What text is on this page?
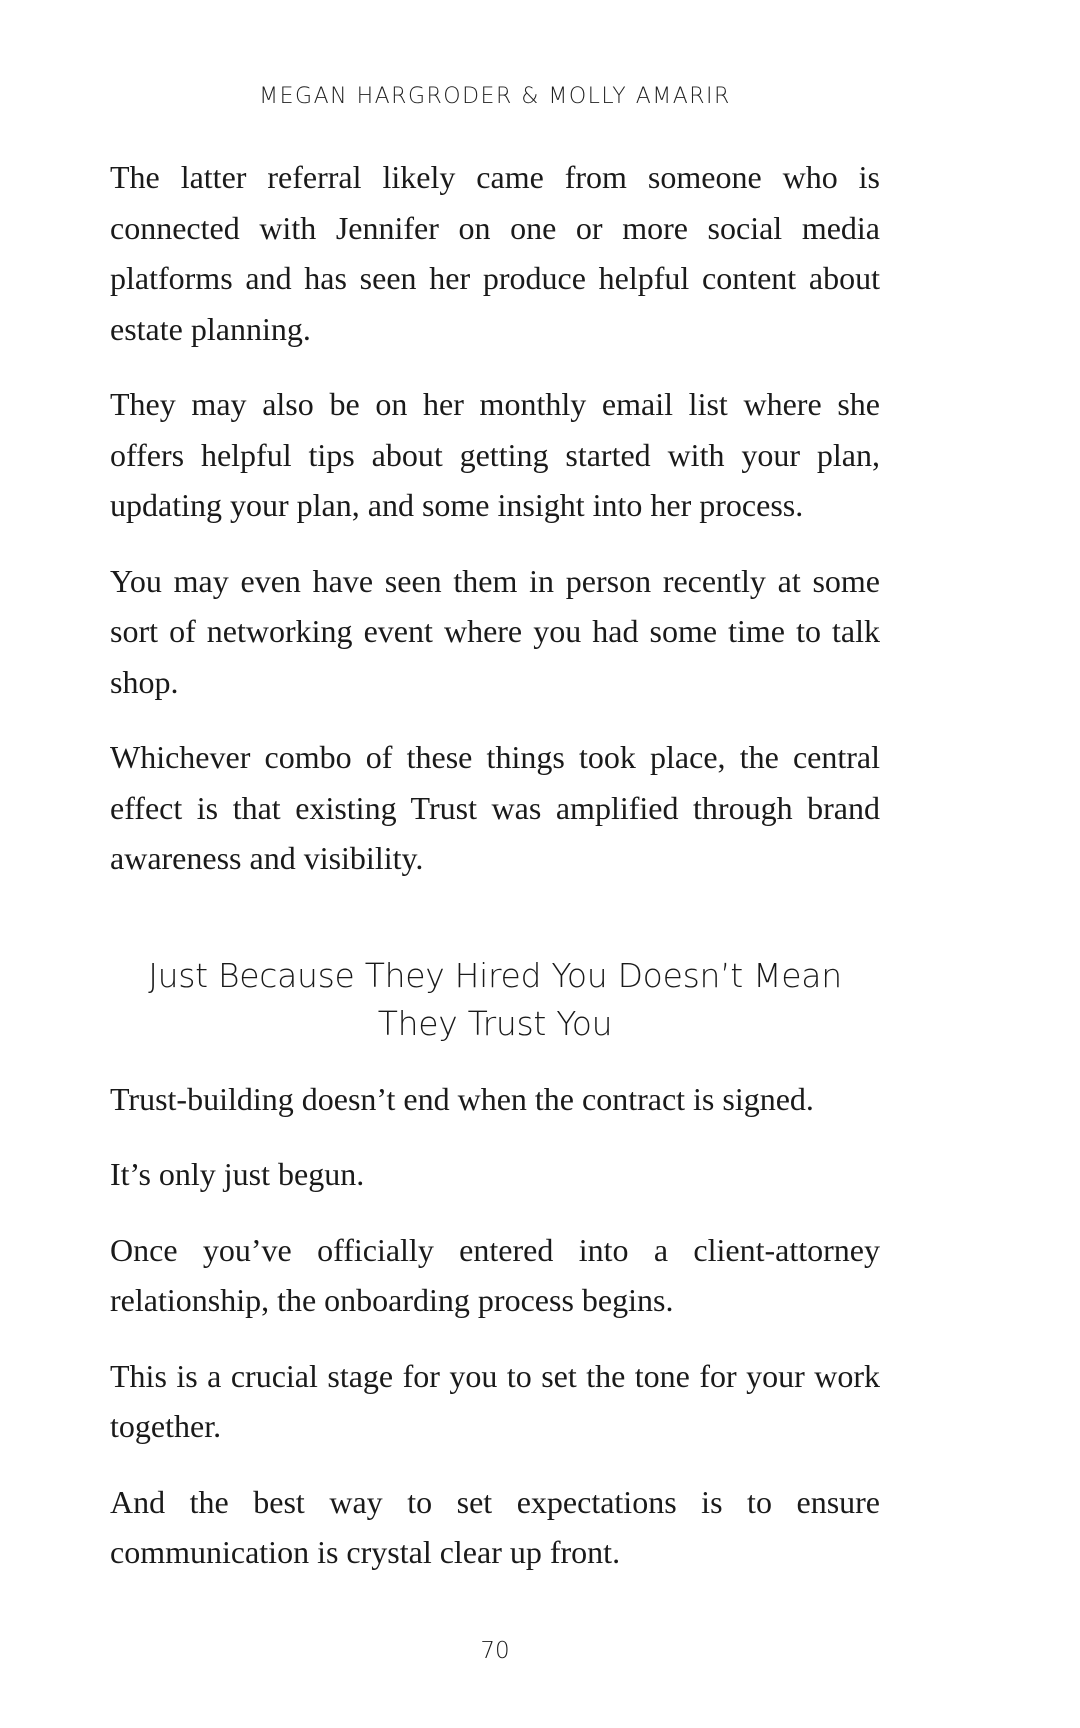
MEGAN HARGRODER & MOLLY AMARIR

The latter referral likely came from someone who is connected with Jennifer on one or more social media platforms and has seen her produce helpful content about estate planning.

They may also be on her monthly email list where she offers helpful tips about getting started with your plan, updating your plan, and some insight into her process.

You may even have seen them in person recently at some sort of networking event where you had some time to talk shop.

Whichever combo of these things took place, the central effect is that existing Trust was amplified through brand awareness and visibility.

Just Because They Hired You Doesn’t Mean They Trust You

Trust-building doesn’t end when the contract is signed.

It’s only just begun.

Once you’ve officially entered into a client-attorney relationship, the onboarding process begins.

This is a crucial stage for you to set the tone for your work together.

And the best way to set expectations is to ensure communication is crystal clear up front.

70
